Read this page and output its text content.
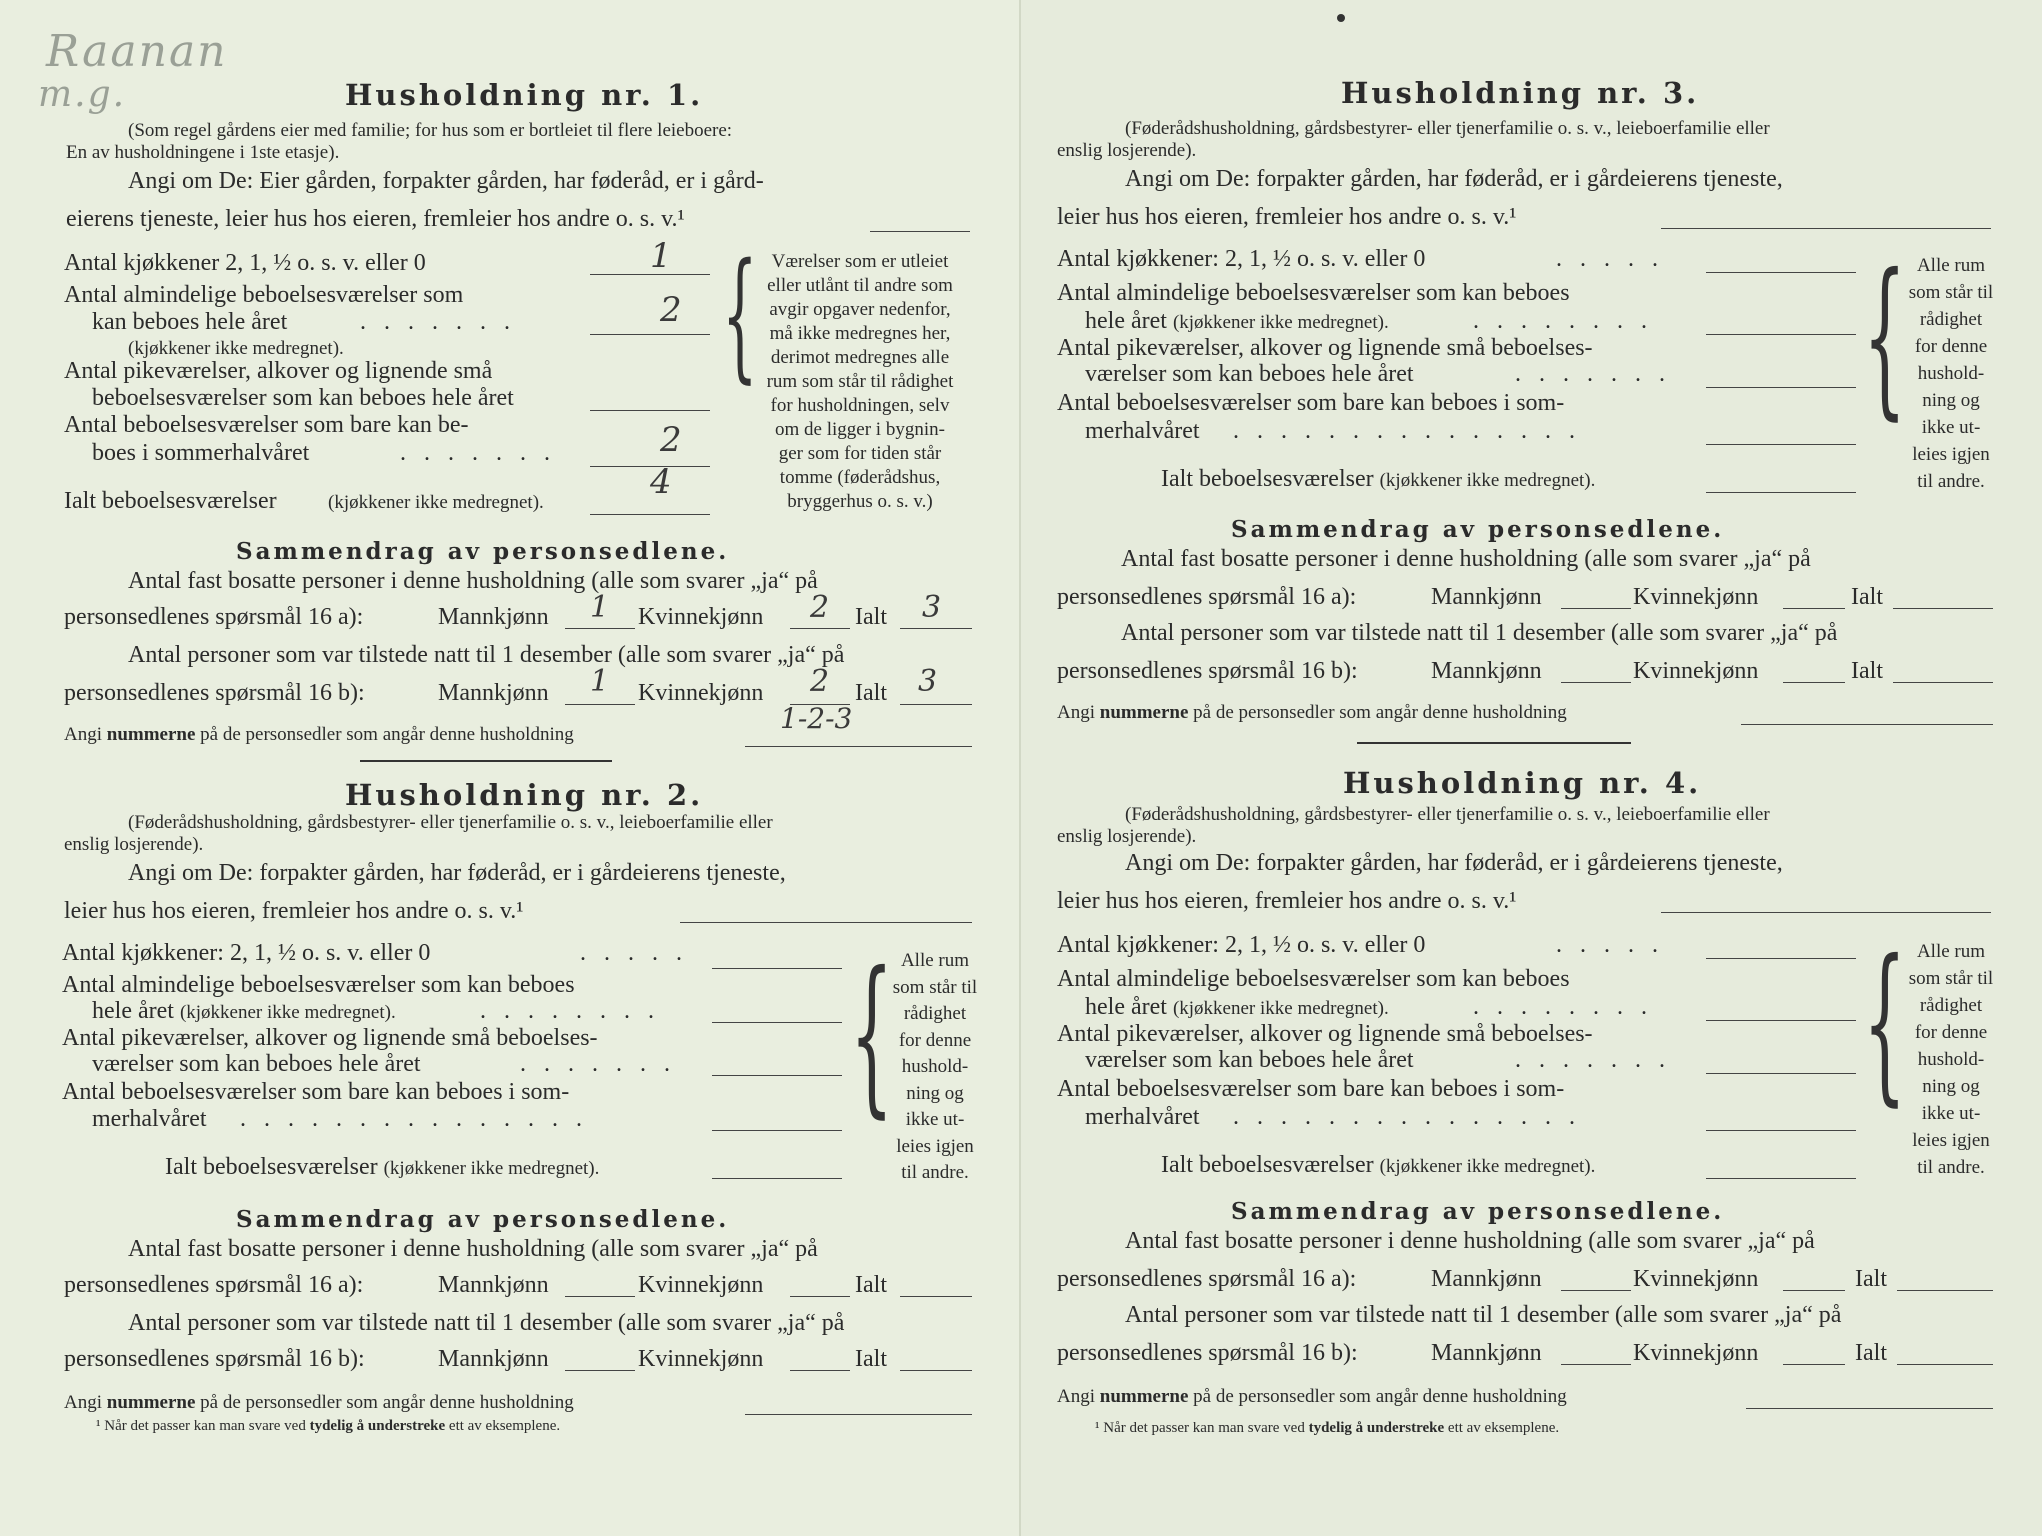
Raanan
m.g.	Husholdning nr. 1.
(Som regel gårdens eier med familie; for hus som er bortleiet til flere leieboere:
En av husholdningene i 1ste etasje).
Angi om De: Eier gården, forpakter gården, har føderåd, er i gård-
eierens tjeneste, leier hus hos eieren, fremleier hos andre o. s. v.¹
Antal kjøkkener 2, 1, ½ o. s. v. eller 0	1
Antal almindelige beboelsesværelser som
kan beboes hele året	. . . . . . .	2
(kjøkkener ikke medregnet).
Antal pikeværelser, alkover og lignende små
beboelsesværelser som kan beboes hele året
Antal beboelsesværelser som bare kan be-
boes i sommerhalvåret	. . . . . . .	2
Ialt beboelsesværelser	(kjøkkener ikke medregnet).
4
{ Værelser som er utleiet
eller utlånt til andre som
avgir opgaver nedenfor,
må ikke medregnes her,
derimot medregnes alle
rum som står til rådighet
for husholdningen, selv
om de ligger i bygnin-
ger som for tiden står
tomme (føderådshus,
bryggerhus o. s. v.)
Sammendrag av personsedlene.
Antal fast bosatte personer i denne husholdning (alle som svarer „ja“ på
personsedlenes spørsmål 16 a):	Mannkjønn 1 Kvinnekjønn 2 Ialt 3
Antal personer som var tilstede natt til 1 desember (alle som svarer „ja“ på
personsedlenes spørsmål 16 b):	Mannkjønn 1 Kvinnekjønn 2 Ialt 3
Angi nummerne på de personsedler som angår denne husholdning	1-2-3
Husholdning nr. 2.
(Føderådshusholdning, gårdsbestyrer- eller tjenerfamilie o. s. v., leieboerfamilie eller
enslig losjerende).
Angi om De: forpakter gården, har føderåd, er i gårdeierens tjeneste,
leier hus hos eieren, fremleier hos andre o. s. v.¹
Antal kjøkkener: 2, 1, ½ o. s. v. eller 0	. . . . .
Antal almindelige beboelsesværelser som kan beboes
hele året (kjøkkener ikke medregnet).	. . . . . . . .
Antal pikeværelser, alkover og lignende små beboelses-
værelser som kan beboes hele året	. . . . . . .
Antal beboelsesværelser som bare kan beboes i som-
merhalvåret . . . . . . . . . . . . . . .
Ialt beboelsesværelser (kjøkkener ikke medregnet).
{ Alle rum
som står til
rådighet
for denne
hushold-
ning og
ikke ut-
leies igjen
til andre.
Sammendrag av personsedlene.
Antal fast bosatte personer i denne husholdning (alle som svarer „ja“ på
personsedlenes spørsmål 16 a):	Mannkjønn	Kvinnekjønn	Ialt
Antal personer som var tilstede natt til 1 desember (alle som svarer „ja“ på
personsedlenes spørsmål 16 b):	Mannkjønn	Kvinnekjønn	Ialt
Angi nummerne på de personsedler som angår denne husholdning
¹ Når det passer kan man svare ved tydelig å understreke ett av eksemplene.
Husholdning nr. 3.
(Føderådshusholdning, gårdsbestyrer- eller tjenerfamilie o. s. v., leieboerfamilie eller
enslig losjerende).
Angi om De: forpakter gården, har føderåd, er i gårdeierens tjeneste,
leier hus hos eieren, fremleier hos andre o. s. v.¹
Antal kjøkkener: 2, 1, ½ o. s. v. eller 0	. . . . .
Antal almindelige beboelsesværelser som kan beboes
hele året (kjøkkener ikke medregnet).	. . . . . . . .
Antal pikeværelser, alkover og lignende små beboelses-
værelser som kan beboes hele året	. . . . . . .
Antal beboelsesværelser som bare kan beboes i som-
merhalvåret . . . . . . . . . . . . . . .
Ialt beboelsesværelser (kjøkkener ikke medregnet).
{ Alle rum
som står til
rådighet
for denne
hushold-
ning og
ikke ut-
leies igjen
til andre.
Sammendrag av personsedlene.
Antal fast bosatte personer i denne husholdning (alle som svarer „ja“ på
personsedlenes spørsmål 16 a):	Mannkjønn	Kvinnekjønn	Ialt
Antal personer som var tilstede natt til 1 desember (alle som svarer „ja“ på
personsedlenes spørsmål 16 b):	Mannkjønn	Kvinnekjønn	Ialt
Angi nummerne på de personsedler som angår denne husholdning
Husholdning nr. 4.
(Føderådshusholdning, gårdsbestyrer- eller tjenerfamilie o. s. v., leieboerfamilie eller
enslig losjerende).
Angi om De: forpakter gården, har føderåd, er i gårdeierens tjeneste,
leier hus hos eieren, fremleier hos andre o. s. v.¹
Antal kjøkkener: 2, 1, ½ o. s. v. eller 0	. . . . .
Antal almindelige beboelsesværelser som kan beboes
hele året (kjøkkener ikke medregnet).	. . . . . . . .
Antal pikeværelser, alkover og lignende små beboelses-
værelser som kan beboes hele året	. . . . . . .
Antal beboelsesværelser som bare kan beboes i som-
merhalvåret . . . . . . . . . . . . . . .
Ialt beboelsesværelser (kjøkkener ikke medregnet).
{ Alle rum
som står til
rådighet
for denne
hushold-
ning og
ikke ut-
leies igjen
til andre.
Sammendrag av personsedlene.
Antal fast bosatte personer i denne husholdning (alle som svarer „ja“ på
personsedlenes spørsmål 16 a):	Mannkjønn	Kvinnekjønn	Ialt
Antal personer som var tilstede natt til 1 desember (alle som svarer „ja“ på
personsedlenes spørsmål 16 b):	Mannkjønn	Kvinnekjønn	Ialt
Angi nummerne på de personsedler som angår denne husholdning
¹ Når det passer kan man svare ved tydelig å understreke ett av eksemplene.
